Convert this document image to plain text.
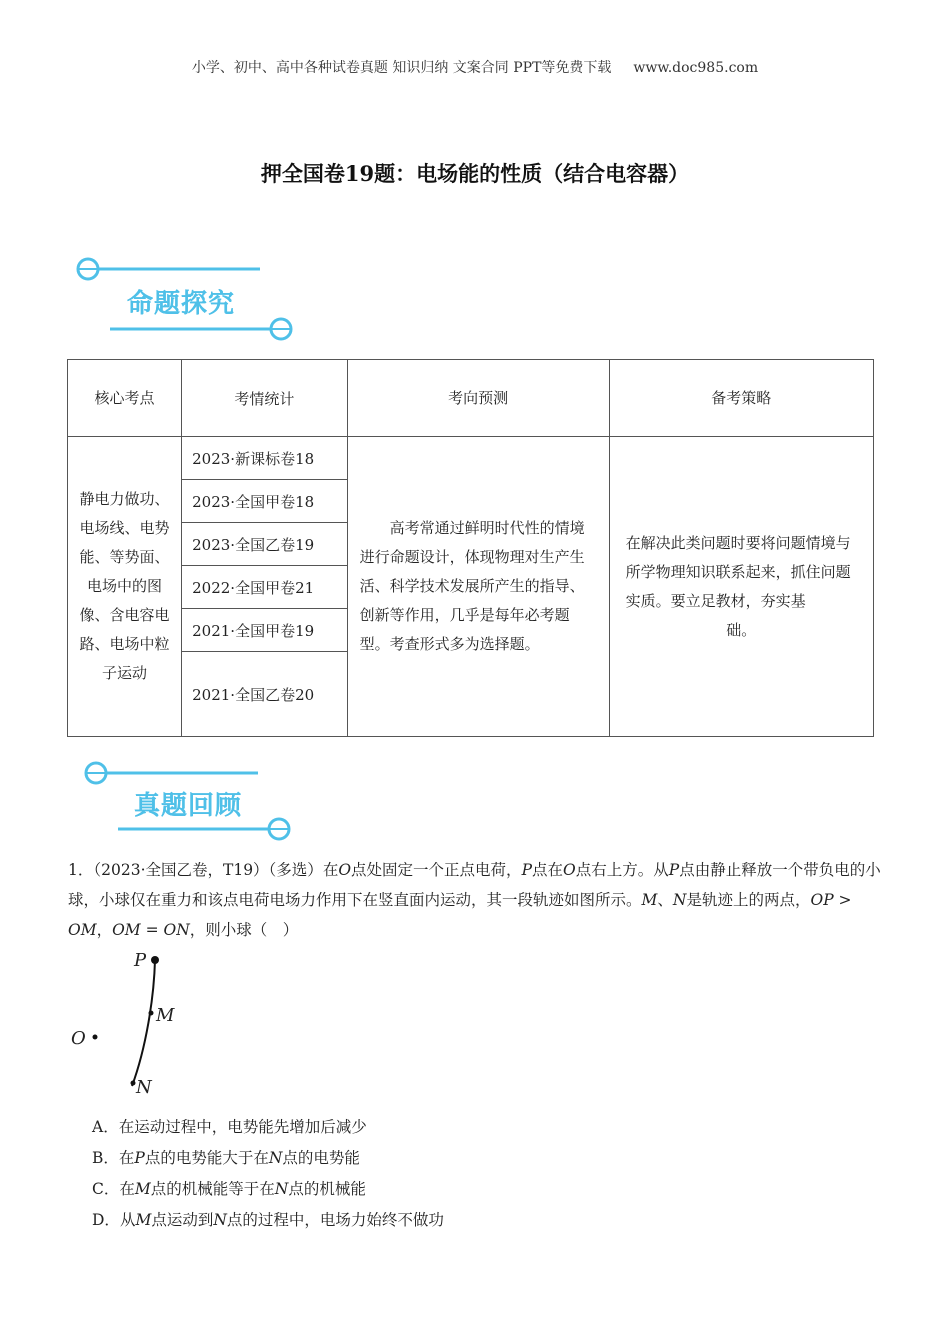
小学、初中、高中各种试卷真题 知识归纳 文案合同 PPT等免费下载 www.doc985.com
押全国卷19题：电场能的性质（结合电容器）
命题探究
核心考点	考情统计	考向预测	备考策略
静电力做功、电场线、电势能、等势面、电场中的图像、含电容电路、电场中粒子运动	2023·新课标卷18	高考常通过鲜明时代性的情境进行命题设计，体现物理对生产生活、科学技术发展所产生的指导、创新等作用，几乎是每年必考题型。考查形式多为选择题。	在解决此类问题时要将问题情境与所学物理知识联系起来，抓住问题实质。要立足教材，夯实基
础。

	2023·全国甲卷18		
	2023·全国乙卷19		
	2022·全国甲卷21		
	2021·全国甲卷19		
	2021·全国乙卷20		
真题回顾
1．（2023·全国乙卷，T19）（多选）在O点处固定一个正点电荷，P点在O点右上方。从P点由静止释放一个带负电的小球，小球仅在重力和该点电荷电场力作用下在竖直面内运动，其一段轨迹如图所示。M、N是轨迹上的两点，OP > OM，OM = ON，则小球（　）
P
M
O
N
A．在运动过程中，电势能先增加后减少
B．在P点的电势能大于在N点的电势能
C．在M点的机械能等于在N点的机械能
D．从M点运动到N点的过程中，电场力始终不做功
